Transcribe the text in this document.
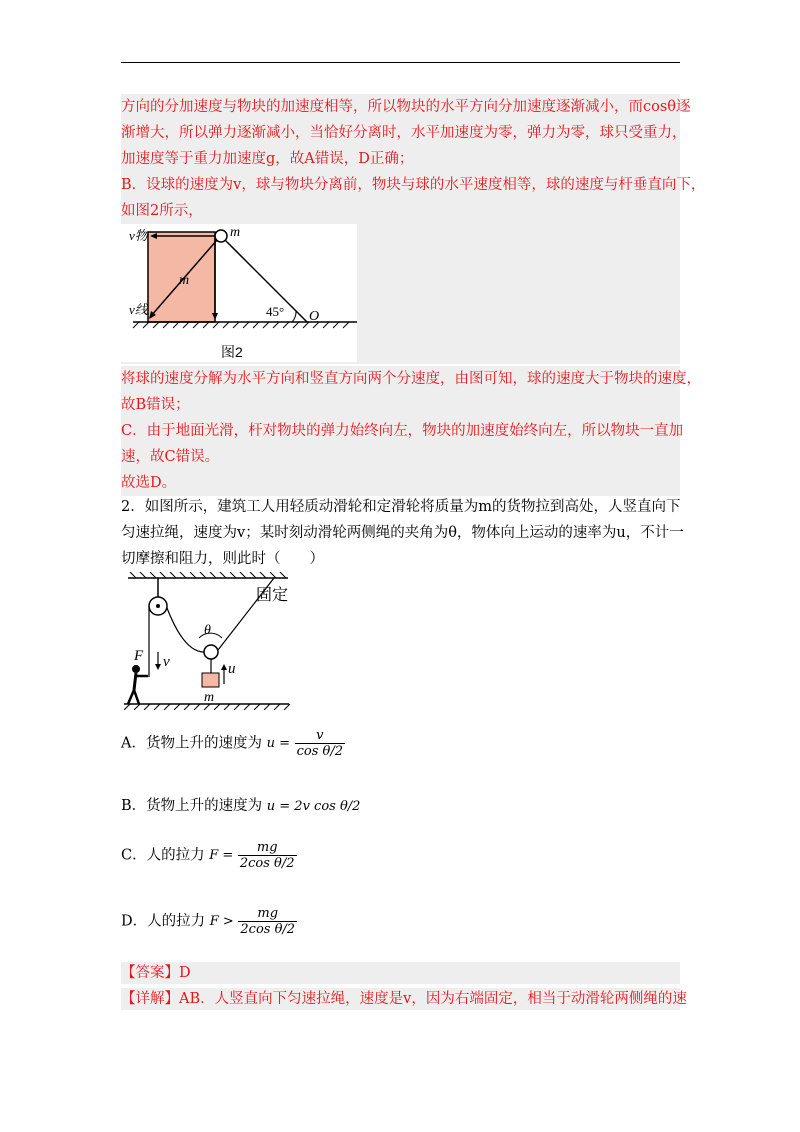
方向的分加速度与物块的加速度相等，所以物块的水平方向分加速度逐渐减小，而cosθ逐
渐增大，所以弹力逐渐减小，当恰好分离时，水平加速度为零，弹力为零，球只受重力，
加速度等于重力加速度g，故A错误，D正确；
B．设球的速度为v，球与物块分离前，物块与球的水平速度相等，球的速度与杆垂直向下，
如图2所示，
v物
v线
m
m
45° O
图2
将球的速度分解为水平方向和竖直方向两个分速度，由图可知，球的速度大于物块的速度，
故B错误；
C．由于地面光滑，杆对物块的弹力始终向左，物块的加速度始终向左，所以物块一直加
速，故C错误。
故选D。
2．如图所示，建筑工人用轻质动滑轮和定滑轮将质量为m的货物拉到高处，人竖直向下
匀速拉绳，速度为v；某时刻动滑轮两侧绳的夹角为θ，物体向上运动的速率为u，不计一
切摩擦和阻力，则此时（　　）
固定
θ
F v	u
m
A．货物上升的速度为 $u = \frac{v}{\text{cos θ/2}}$
B．货物上升的速度为 u = 2v cos θ/2
C．人的拉力 $F = \frac{mg}{\text{2cos θ/2}}$
D．人的拉力 $F > \frac{mg}{\text{2cos θ/2}}$
【答案】D
【详解】AB．人竖直向下匀速拉绳，速度是v，因为右端固定，相当于动滑轮两侧绳的速
